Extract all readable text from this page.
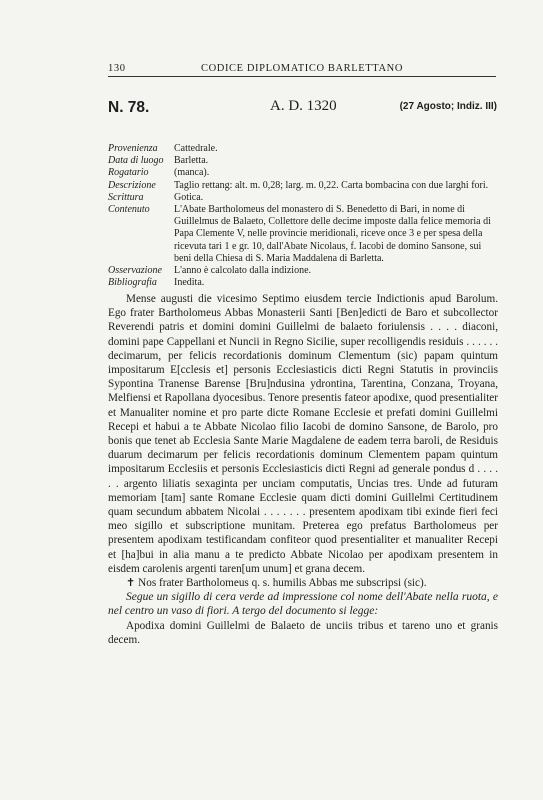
130	CODICE DIPLOMATICO BARLETTANO
N. 78.	A. D. 1320	(27 Agosto; Indiz. III)
Provenienza	Cattedrale.
Data di luogo	Barletta.
Rogatario	(manca).
Descrizione	Taglio rettang: alt. m. 0,28; larg. m. 0,22. Carta bombacina con due larghi fori.
Scrittura	Gotica.
Contenuto	L'Abate Bartholomeus del monastero di S. Benedetto di Bari, in nome di Guillelmus de Balaeto, Collettore delle decime imposte dalla felice memoria di Papa Clemente V, nelle provincie meridionali, riceve once 3 e per spesa della ricevuta tarì 1 e gr. 10, dall'Abate Nicolaus, f. Iacobi de domino Sansone, sui beni della Chiesa di S. Maria Maddalena di Barletta.
Osservazione	L'anno è calcolato dalla indizione.
Bibliografia	Inedita.

Mense augusti die vicesimo Septimo eiusdem tercie Indictionis apud Barolum. Ego frater Bartholomeus Abbas Monasterii Santi [Ben]edicti de Baro et subcollector Reverendi patris et domini domini Guillelmi de balaeto foriulensis . . . . diaconi, domini pape Cappellani et Nuncii in Regno Sicilie, super recolligendis residuis . . . . . . decimarum, per felicis recordationis dominum Clementum (sic) papam quintum impositarum E[cclesis et] personis Ecclesiasticis dicti Regni Statutis in provinciis Sypontina Tranense Barense [Bru]ndusina ydrontina, Tarentina, Conzana, Troyana, Melfiensi et Rapollana dyocesibus. Tenore presentis fateor apodixe, quod presentialiter et Manualiter nomine et pro parte dicte Romane Ecclesie et prefati domini Guillelmi Recepi et habui a te Abbate Nicolao filio Iacobi de domino Sansone, de Barolo, pro bonis que tenet ab Ecclesia Sante Marie Magdalene de eadem terra baroli, de Residuis duarum decimarum per felicis recordationis dominum Clementem papam quintum impositarum Ecclesiis et personis Ecclesiasticis dicti Regni ad generale pondus d . . . . . . argento liliatis sexaginta per unciam computatis, Uncias tres. Unde ad futuram memoriam [tam] sante Romane Ecclesie quam dicti domini Guillelmi Certitudinem quam secundum abbatem Nicolai . . . . . . . presentem apodixam tibi exinde fieri feci meo sigillo et subscriptione munitam. Preterea ego prefatus Bartholomeus per presentem apodixam testificandam confiteor quod presentialiter et manualiter Recepi et [ha]bui in alia manu a te predicto Abbate Nicolao per apodixam presentem in eisdem carolenis argenti taren[um unum] et grana decem.

✝ Nos frater Bartholomeus q. s. humilis Abbas me subscripsi (sic).

Segue un sigillo di cera verde ad impressione col nome dell'Abate nella ruota, e nel centro un vaso di fiori. A tergo del documento si legge:

Apodixa domini Guillelmi de Balaeto de unciis tribus et tareno uno et granis decem.
